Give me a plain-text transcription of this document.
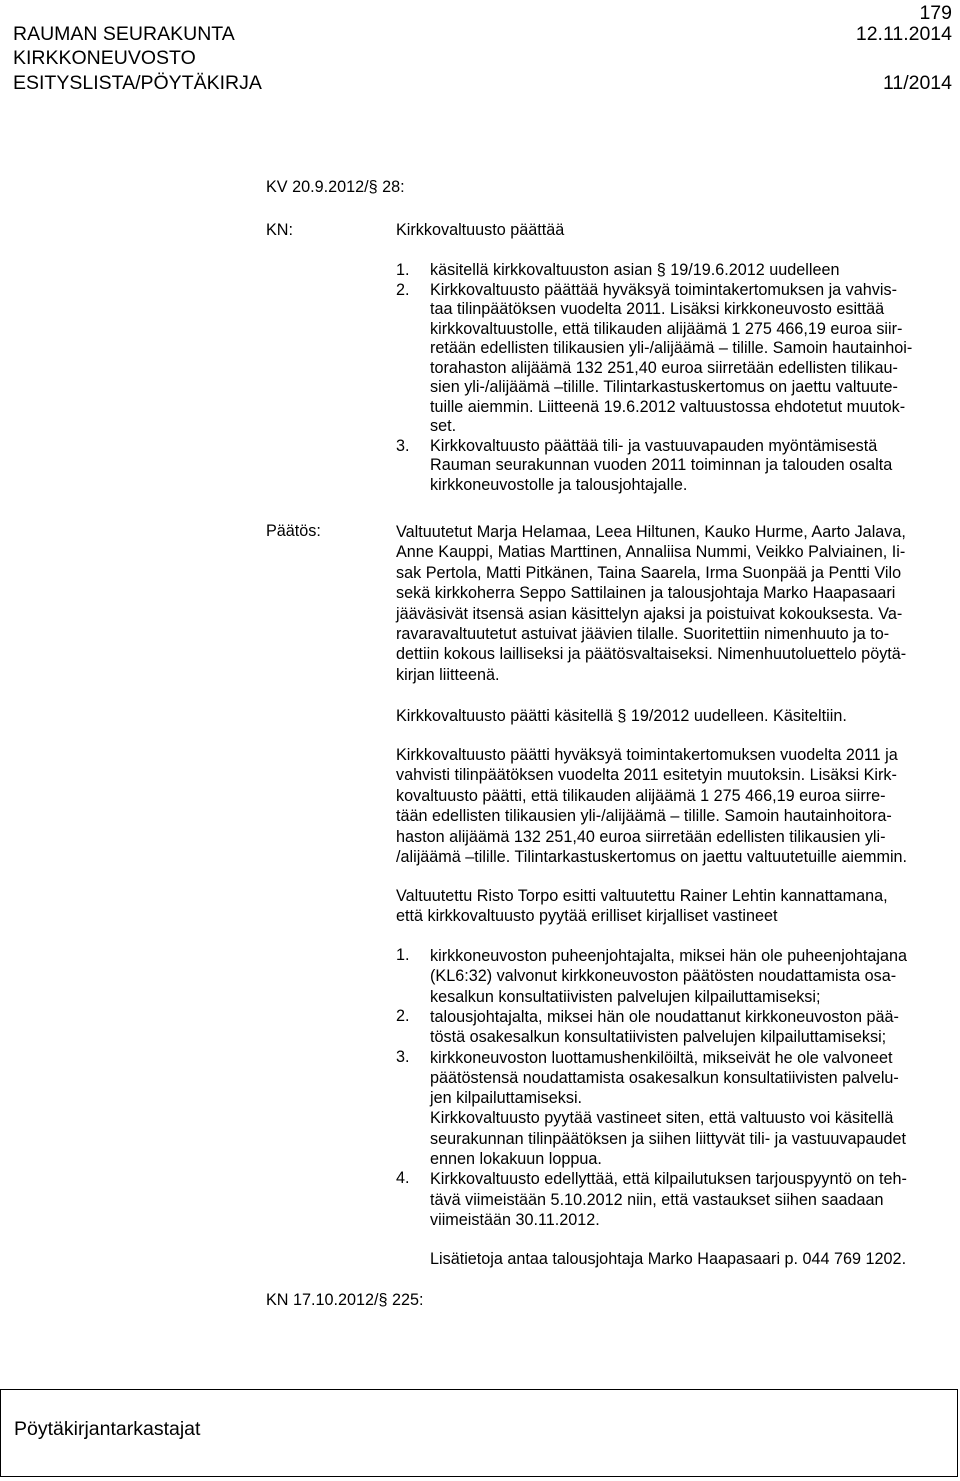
RAUMAN SEURAKUNTA
KIRKKONEUVOSTO
ESITYSLISTA/PÖYTÄKIRJA
179
12.11.2014
11/2014
KV 20.9.2012/§ 28:
KN:	Kirkkovaltuusto päättää
1. käsitellä kirkkovaltuuston asian § 19/19.6.2012 uudelleen
2. Kirkkovaltuusto päättää hyväksyä toimintakertomuksen ja vahvis-
taa tilinpäätöksen vuodelta 2011. Lisäksi kirkkoneuvosto esittää
kirkkovaltuustolle, että tilikauden alijäämä 1 275 466,19 euroa siir-
retään edellisten tilikausien yli-/alijäämä – tilille. Samoin hautainhoi-
torahaston alijäämä 132 251,40 euroa siirretään edellisten tilikau-
sien yli-/alijäämä –tilille. Tilintarkastuskertomus on jaettu valtuute-
tuille aiemmin. Liitteenä 19.6.2012 valtuustossa ehdotetut muutok-
set.
3. Kirkkovaltuusto päättää tili- ja vastuuvapauden myöntämisestä
Rauman seurakunnan vuoden 2011 toiminnan ja talouden osalta
kirkkoneuvostolle ja talousjohtajalle.
Päätös:	Valtuutetut Marja Helamaa, Leea Hiltunen, Kauko Hurme, Aarto Jalava,
Anne Kauppi, Matias Marttinen, Annaliisa Nummi, Veikko Palviainen, Ii-
sak Pertola, Matti Pitkänen, Taina Saarela, Irma Suonpää ja Pentti Vilo
sekä kirkkoherra Seppo Sattilainen ja talousjohtaja Marko Haapasaari
jääväsivät itsensä asian käsittelyn ajaksi ja poistuivat kokouksesta. Va-
ravaravaltuutetut astuivat jäävien tilalle. Suoritettiin nimenhuuto ja to-
dettiin kokous lailliseksi ja päätösvaltaiseksi. Nimenhuutoluettelo pöytä-
kirjan liitteenä.
Kirkkovaltuusto päätti käsitellä § 19/2012 uudelleen. Käsiteltiin.
Kirkkovaltuusto päätti hyväksyä toimintakertomuksen vuodelta 2011 ja
vahvisti tilinpäätöksen vuodelta 2011 esitetyin muutoksin. Lisäksi Kirk-
kovaltuusto päätti, että tilikauden alijäämä 1 275 466,19 euroa siirre-
tään edellisten tilikausien yli-/alijäämä – tilille. Samoin hautainhoitora-
haston alijäämä 132 251,40 euroa siirretään edellisten tilikausien yli-
/alijäämä –tilille. Tilintarkastuskertomus on jaettu valtuutetuille aiemmin.
Valtuutettu Risto Torpo esitti valtuutettu Rainer Lehtin kannattamana,
että kirkkovaltuusto pyytää erilliset kirjalliset vastineet
1. kirkkoneuvoston puheenjohtajalta, miksei hän ole puheenjohtajana
(KL6:32) valvonut kirkkoneuvoston päätösten noudattamista osa-
kesalkun konsultatiivisten palvelujen kilpailuttamiseksi;
2. talousjohtajalta, miksei hän ole noudattanut kirkkoneuvoston pää-
töstä osakesalkun konsultatiivisten palvelujen kilpailuttamiseksi;
3. kirkkoneuvoston luottamushenkilöiltä, mikseivät he ole valvoneet
päätöstensä noudattamista osakesalkun konsultatiivisten palvelu-
jen kilpailuttamiseksi.
Kirkkovaltuusto pyytää vastineet siten, että valtuusto voi käsitellä
seurakunnan tilinpäätöksen ja siihen liittyvät tili- ja vastuuvapaudet
ennen lokakuun loppua.
4. Kirkkovaltuusto edellyttää, että kilpailutuksen tarjouspyyntö on teh-
tävä viimeistään 5.10.2012 niin, että vastaukset siihen saadaan
viimeistään 30.11.2012.
Lisätietoja antaa talousjohtaja Marko Haapasaari p. 044 769 1202.
KN 17.10.2012/§ 225:
Pöytäkirjantarkastajat
